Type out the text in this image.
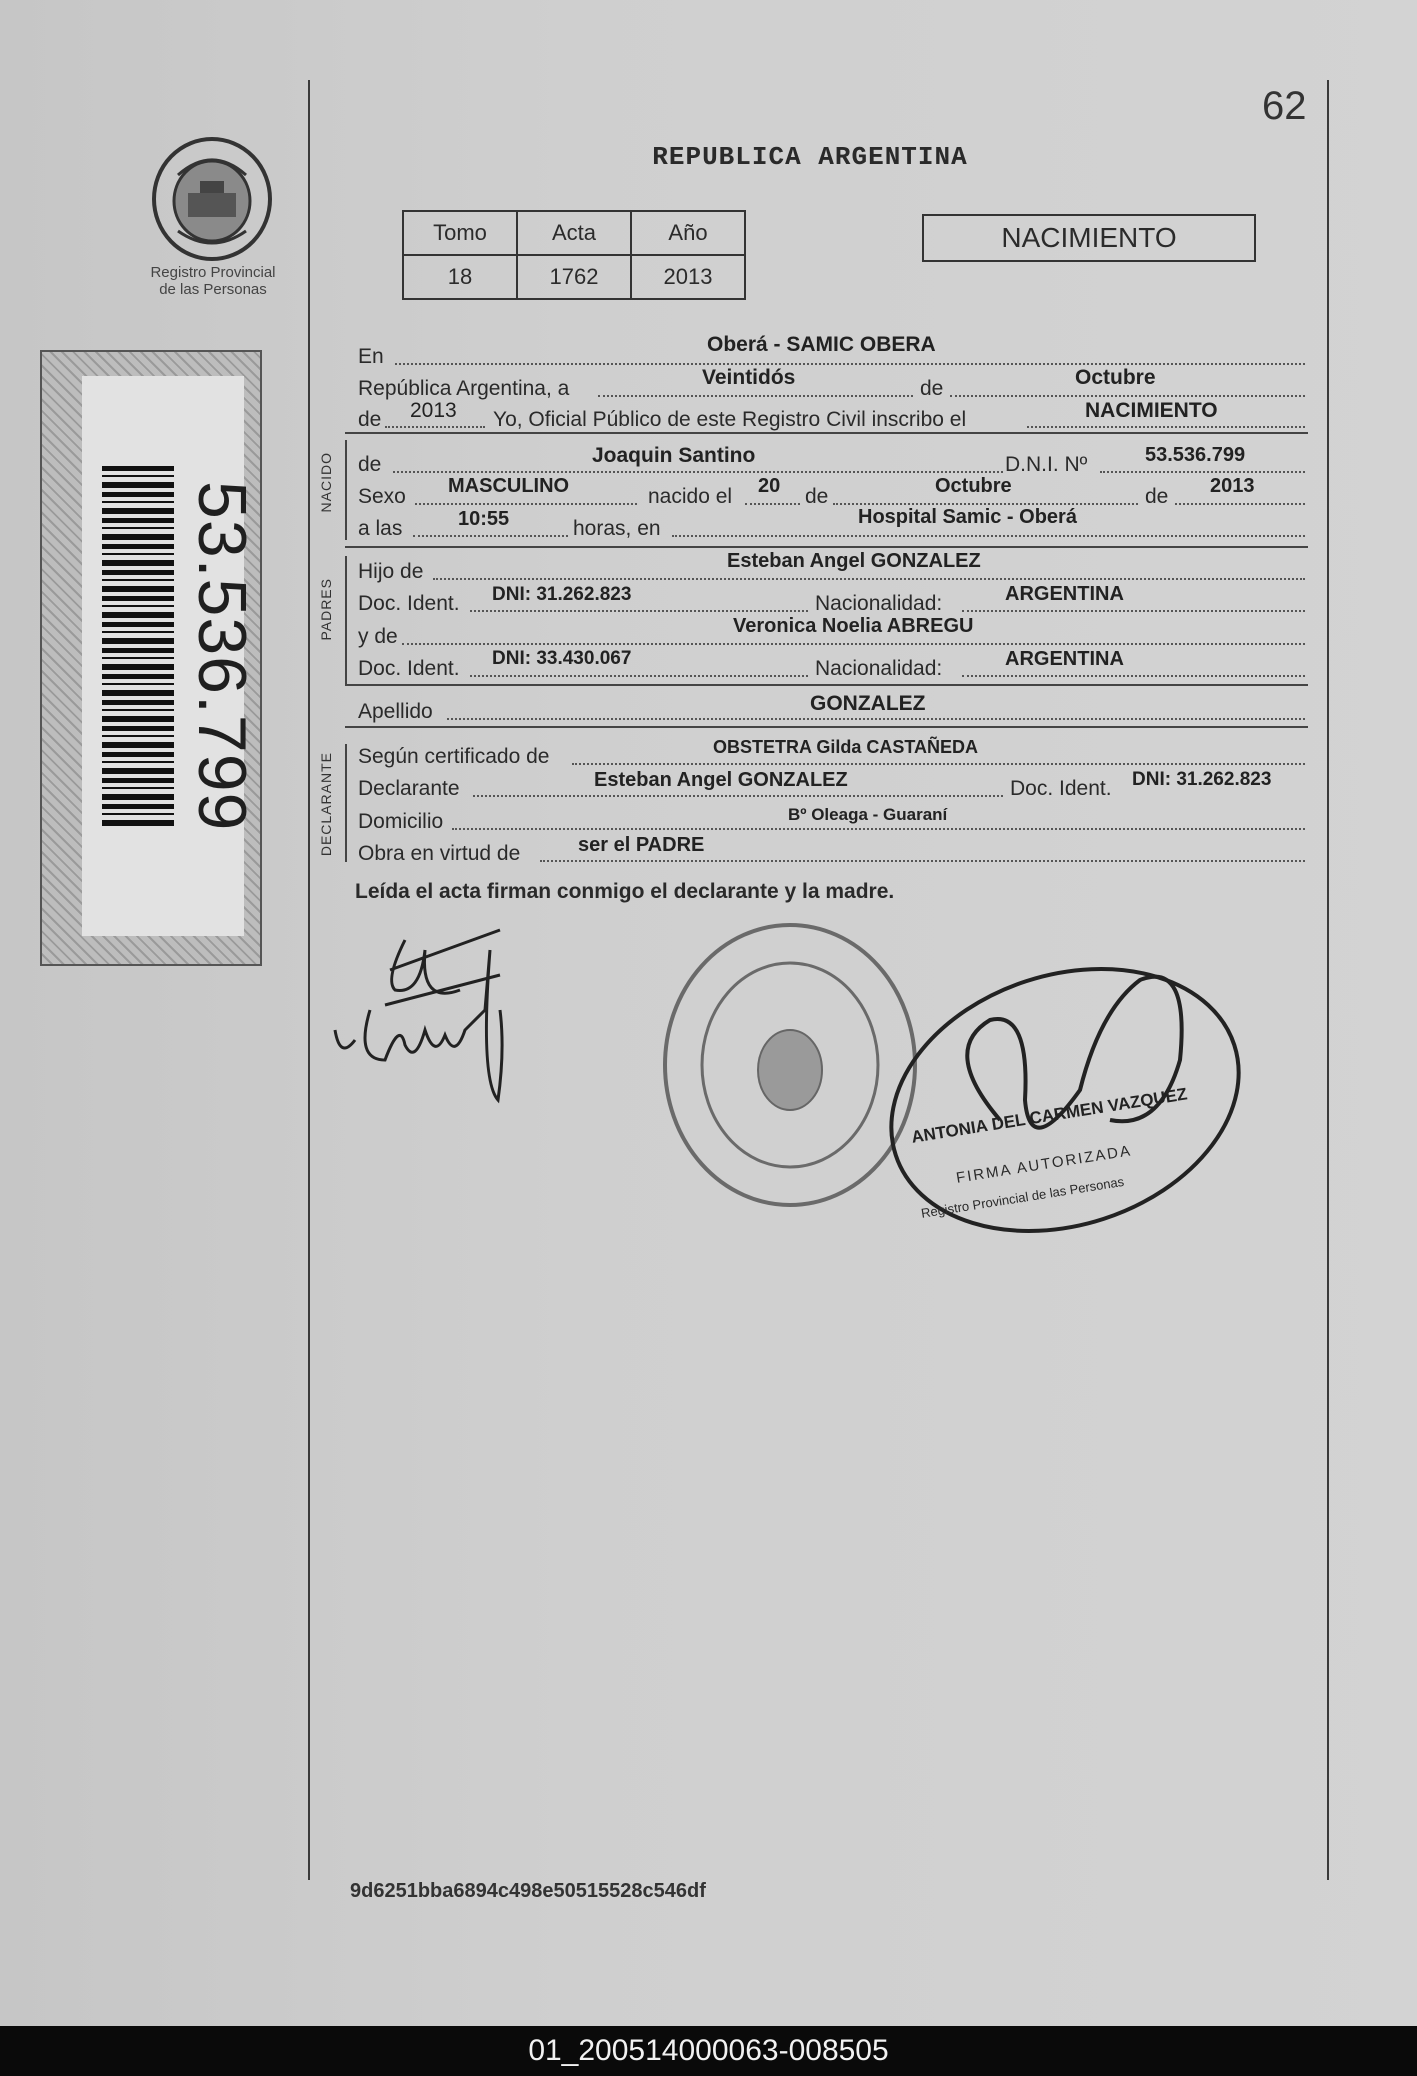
62
Registro Provincial
de las Personas
53.536.799
REPUBLICA ARGENTINA
Tomo	Acta	Año
18	1762	2013
NACIMIENTO
En
Oberá - SAMIC OBERA
República Argentina, a	Veintidós	de	Octubre
de 2013 Yo, Oficial Público de este Registro Civil inscribo el	NACIMIENTO
NACIDO de	Joaquin Santino	D.N.I. Nº	53.536.799
Sexo MASCULINO	nacido el 20 de	Octubre	de 2013
a las	10:55	horas, en	Hospital Samic - Oberá
PADRES
Hijo de	Esteban Angel GONZALEZ
Doc. Ident. DNI: 31.262.823	Nacionalidad:	ARGENTINA
y de	Veronica Noelia ABREGU
Doc. Ident. DNI: 33.430.067	Nacionalidad:	ARGENTINA
Apellido	GONZALEZ
DECLARANTE Según certificado de	OBSTETRA Gilda CASTAÑEDA
Declarante	Esteban Angel GONZALEZ	Doc. Ident. DNI: 31.262.823
Domicilio	Bº Oleaga - Guaraní
Obra en virtud de	ser el PADRE
Leída el acta firman conmigo el declarante y la madre.
ANTONIA DEL CARMEN VAZQUEZ
FIRMA AUTORIZADA
Registro Provincial de las Personas
9d6251bba6894c498e50515528c546df
01_200514000063-008505
